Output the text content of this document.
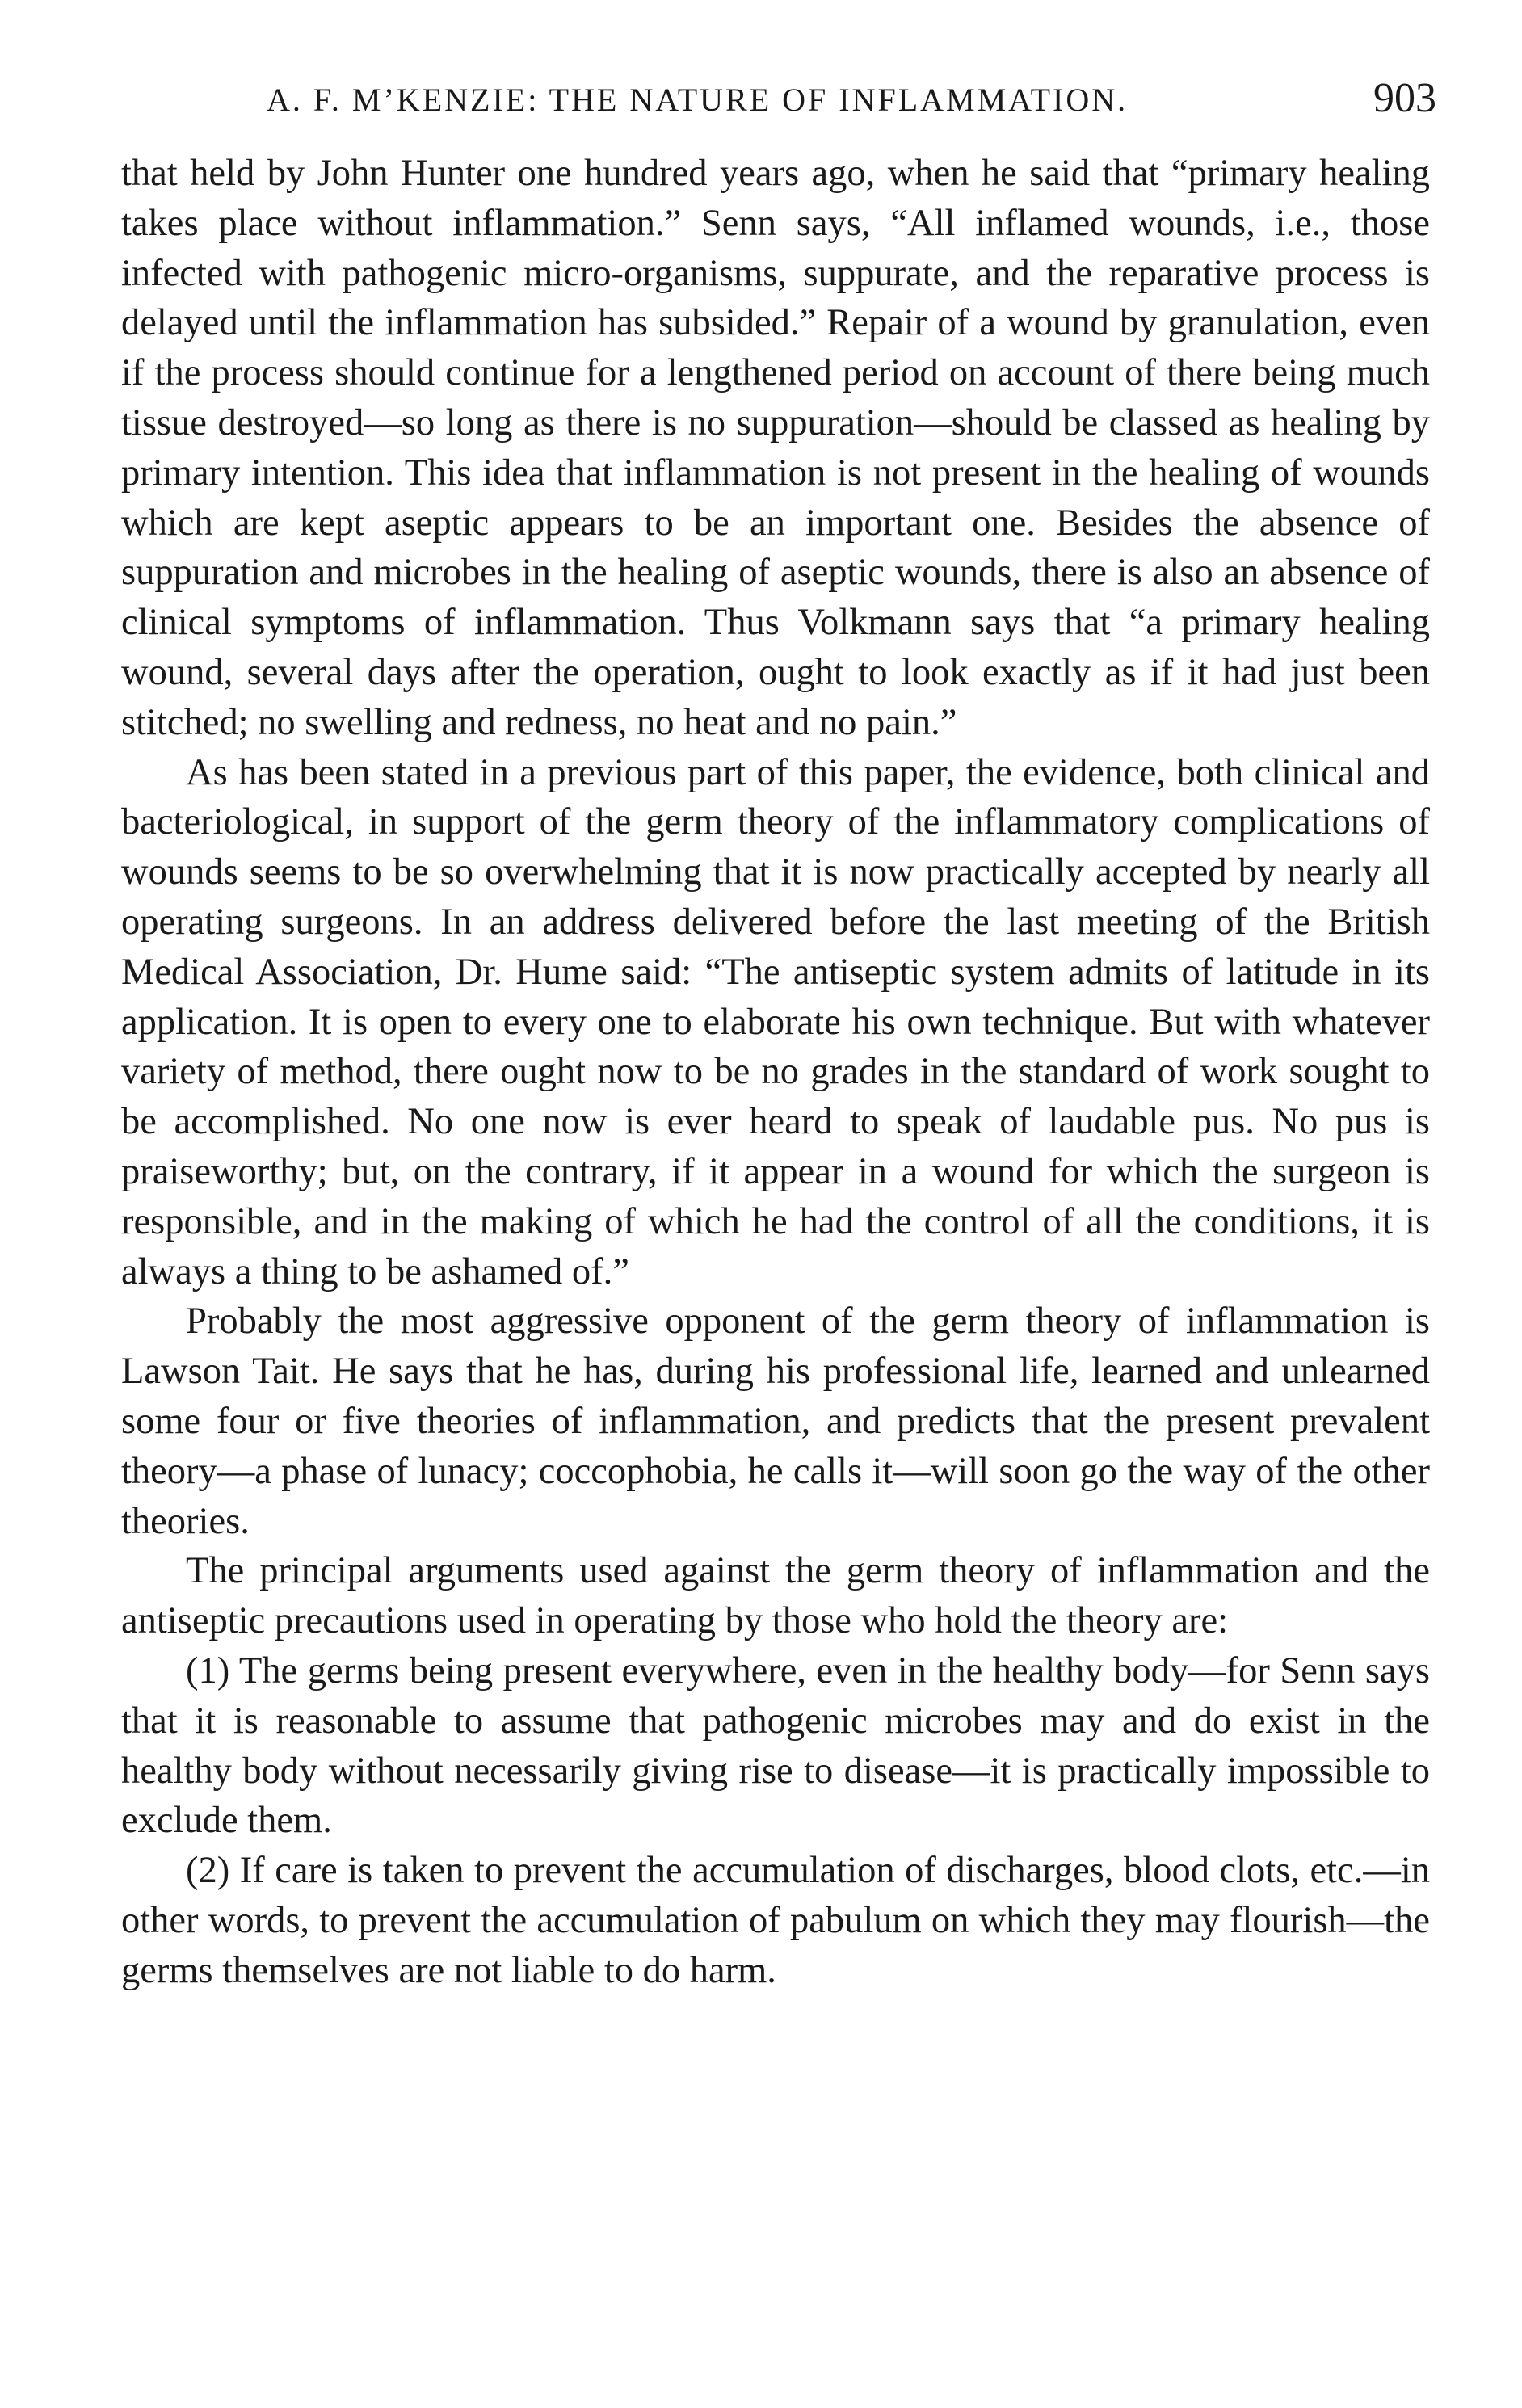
A. F. M’KENZIE: THE NATURE OF INFLAMMATION.	903

that held by John Hunter one hundred years ago, when he said that “primary healing takes place without inflammation.” Senn says, “All inflamed wounds, i.e., those infected with pathogenic micro-organisms, suppurate, and the reparative process is delayed until the inflammation has subsided.” Repair of a wound by granulation, even if the process should continue for a lengthened period on account of there being much tissue destroyed—so long as there is no suppuration—should be classed as healing by primary intention. This idea that inflammation is not present in the healing of wounds which are kept aseptic appears to be an important one. Besides the absence of suppuration and microbes in the healing of aseptic wounds, there is also an absence of clinical symptoms of inflammation. Thus Volkmann says that “a primary healing wound, several days after the operation, ought to look exactly as if it had just been stitched; no swelling and redness, no heat and no pain.”

As has been stated in a previous part of this paper, the evidence, both clinical and bacteriological, in support of the germ theory of the inflammatory complications of wounds seems to be so overwhelming that it is now practically accepted by nearly all operating surgeons. In an address delivered before the last meeting of the British Medical Association, Dr. Hume said: “The antiseptic system admits of latitude in its application. It is open to every one to elaborate his own technique. But with whatever variety of method, there ought now to be no grades in the standard of work sought to be accomplished. No one now is ever heard to speak of laudable pus. No pus is praiseworthy; but, on the contrary, if it appear in a wound for which the surgeon is responsible, and in the making of which he had the control of all the conditions, it is always a thing to be ashamed of.”

Probably the most aggressive opponent of the germ theory of inflammation is Lawson Tait. He says that he has, during his professional life, learned and unlearned some four or five theories of inflammation, and predicts that the present prevalent theory—a phase of lunacy; coccophobia, he calls it—will soon go the way of the other theories.

The principal arguments used against the germ theory of inflammation and the antiseptic precautions used in operating by those who hold the theory are:

(1) The germs being present everywhere, even in the healthy body—for Senn says that it is reasonable to assume that pathogenic microbes may and do exist in the healthy body without necessarily giving rise to disease—it is practically impossible to exclude them.

(2) If care is taken to prevent the accumulation of discharges, blood clots, etc.—in other words, to prevent the accumulation of pabulum on which they may flourish—the germs themselves are not liable to do harm.
